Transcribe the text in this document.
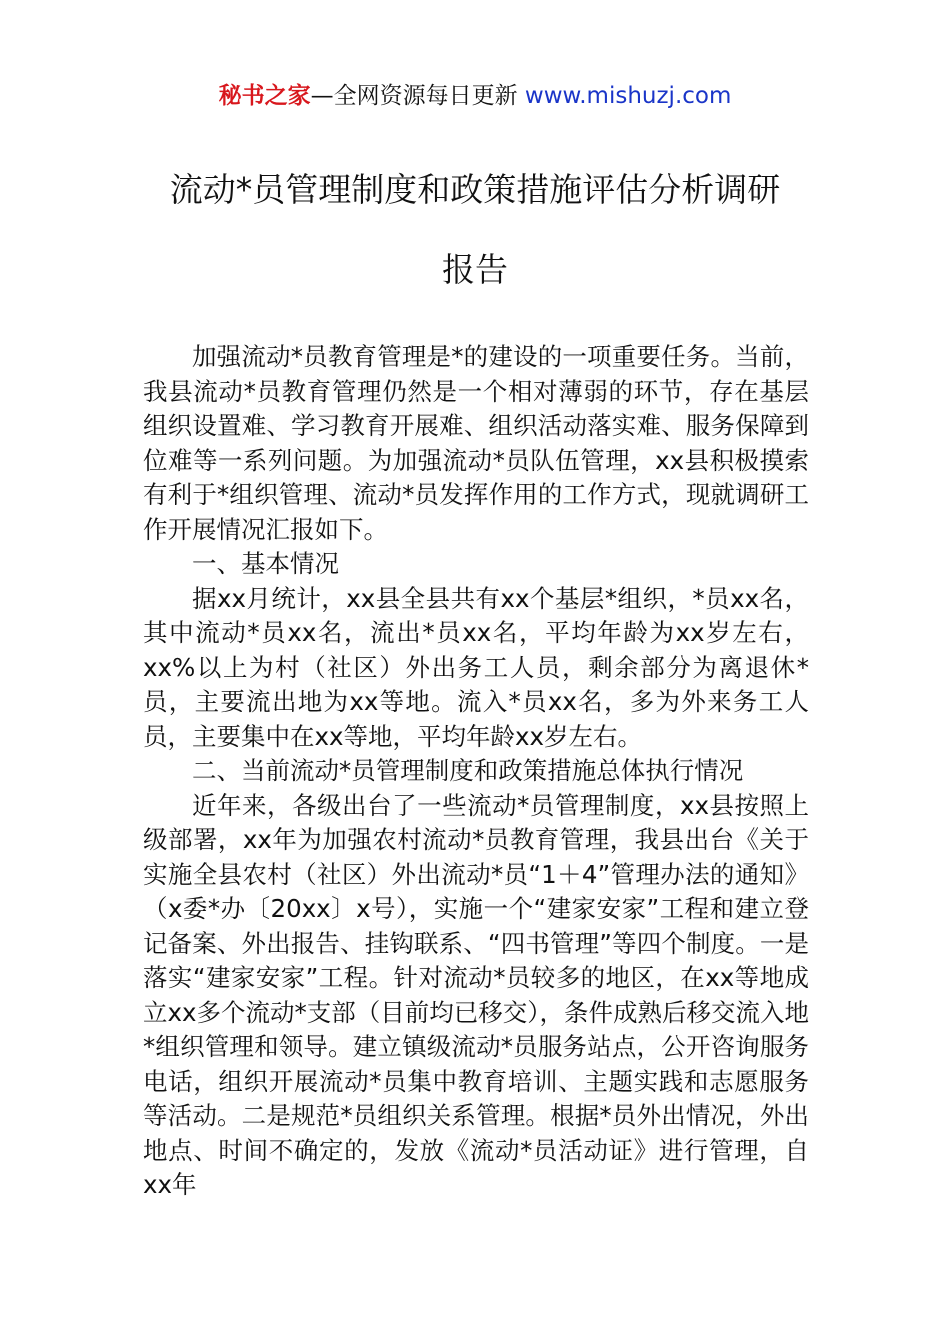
秘书之家—全网资源每日更新 www.mishuzj.com
流动*员管理制度和政策措施评估分析调研
报告

加强流动*员教育管理是*的建设的一项重要任务。当前，我县流动*员教育管理仍然是一个相对薄弱的环节，存在基层组织设置难、学习教育开展难、组织活动落实难、服务保障到位难等一系列问题。为加强流动*员队伍管理，xx县积极摸索有利于*组织管理、流动*员发挥作用的工作方式，现就调研工作开展情况汇报如下。

一、基本情况

据xx月统计，xx县全县共有xx个基层*组织，*员xx名，其中流动*员xx名，流出*员xx名，平均年龄为xx岁左右，xx%以上为村（社区）外出务工人员，剩余部分为离退休*员，主要流出地为xx等地。流入*员xx名，多为外来务工人员，主要集中在xx等地，平均年龄xx岁左右。

二、当前流动*员管理制度和政策措施总体执行情况

近年来，各级出台了一些流动*员管理制度，xx县按照上级部署，xx年为加强农村流动*员教育管理，我县出台《关于实施全县农村（社区）外出流动*员“1＋4”管理办法的通知》（x委*办〔20xx〕x号），实施一个“建家安家”工程和建立登记备案、外出报告、挂钩联系、“四书管理”等四个制度。一是落实“建家安家”工程。针对流动*员较多的地区，在xx等地成立xx多个流动*支部（目前均已移交），条件成熟后移交流入地*组织管理和领导。建立镇级流动*员服务站点，公开咨询服务电话，组织开展流动*员集中教育培训、主题实践和志愿服务等活动。二是规范*员组织关系管理。根据*员外出情况，外出地点、时间不确定的，发放《流动*员活动证》进行管理，自xx年
